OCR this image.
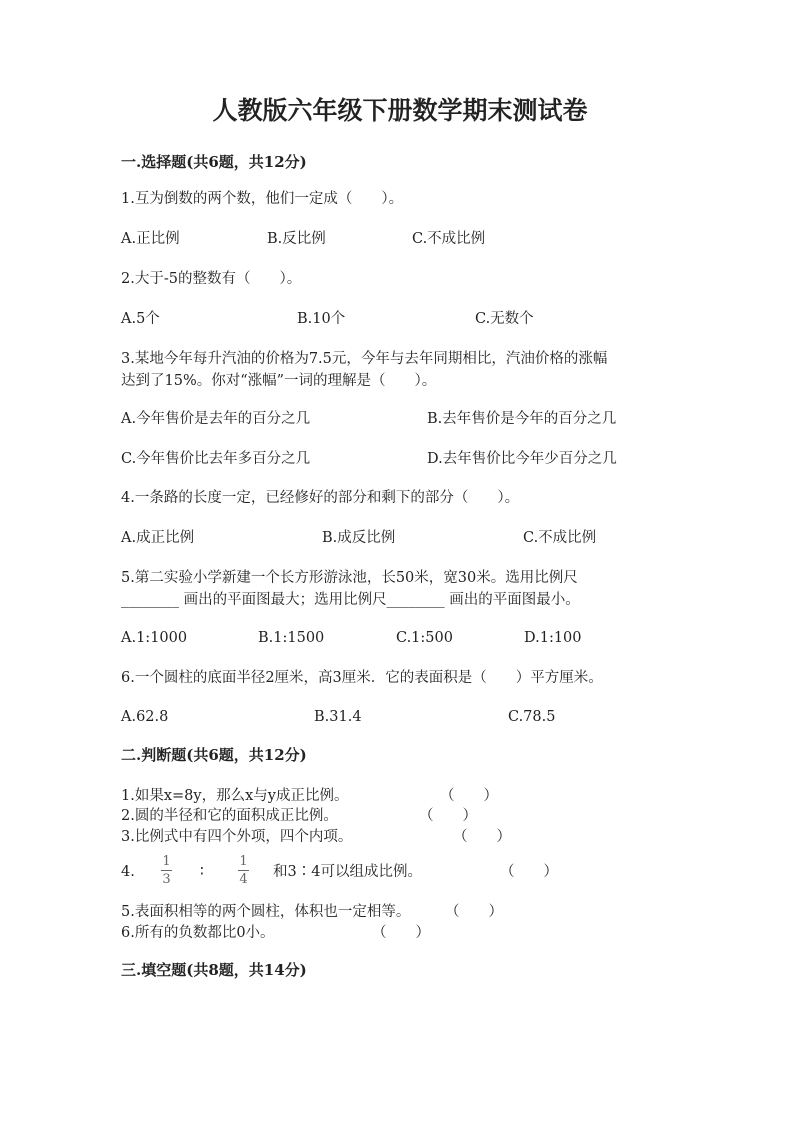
人教版六年级下册数学期末测试卷
一.选择题(共6题，共12分)
1.互为倒数的两个数，他们一定成（　　）。
A.正比例	B.反比例	C.不成比例
2.大于-5的整数有（　　）。
A.5个	B.10个	C.无数个
3.某地今年每升汽油的价格为7.5元，今年与去年同期相比，汽油价格的涨幅
达到了15%。你对“涨幅”一词的理解是（　　）。
A.今年售价是去年的百分之几	B.去年售价是今年的百分之几
C.今年售价比去年多百分之几	D.去年售价比今年少百分之几
4.一条路的长度一定，已经修好的部分和剩下的部分（　　）。
A.成正比例	B.成反比例	C.不成比例
5.第二实验小学新建一个长方形游泳池，长50米，宽30米。选用比例尺
________ 画出的平面图最大；选用比例尺________ 画出的平面图最小。
A.1:1000	B.1:1500	C.1:500	D.1:100
6.一个圆柱的底面半径2厘米，高3厘米．它的表面积是（　　）平方厘米。
A.62.8	B.31.4	C.78.5
二.判断题(共6题，共12分)
1.如果x=8y，那么x与y成正比例。	（　　）
2.圆的半径和它的面积成正比例。	（　　）
3.比例式中有四个外项，四个内项。	（　　）
4.
1
3 ∶
1
4 和3∶4可以组成比例。	（　　）
5.表面积相等的两个圆柱，体积也一定相等。 （　　）
6.所有的负数都比0小。	（　　）
三.填空题(共8题，共14分)
